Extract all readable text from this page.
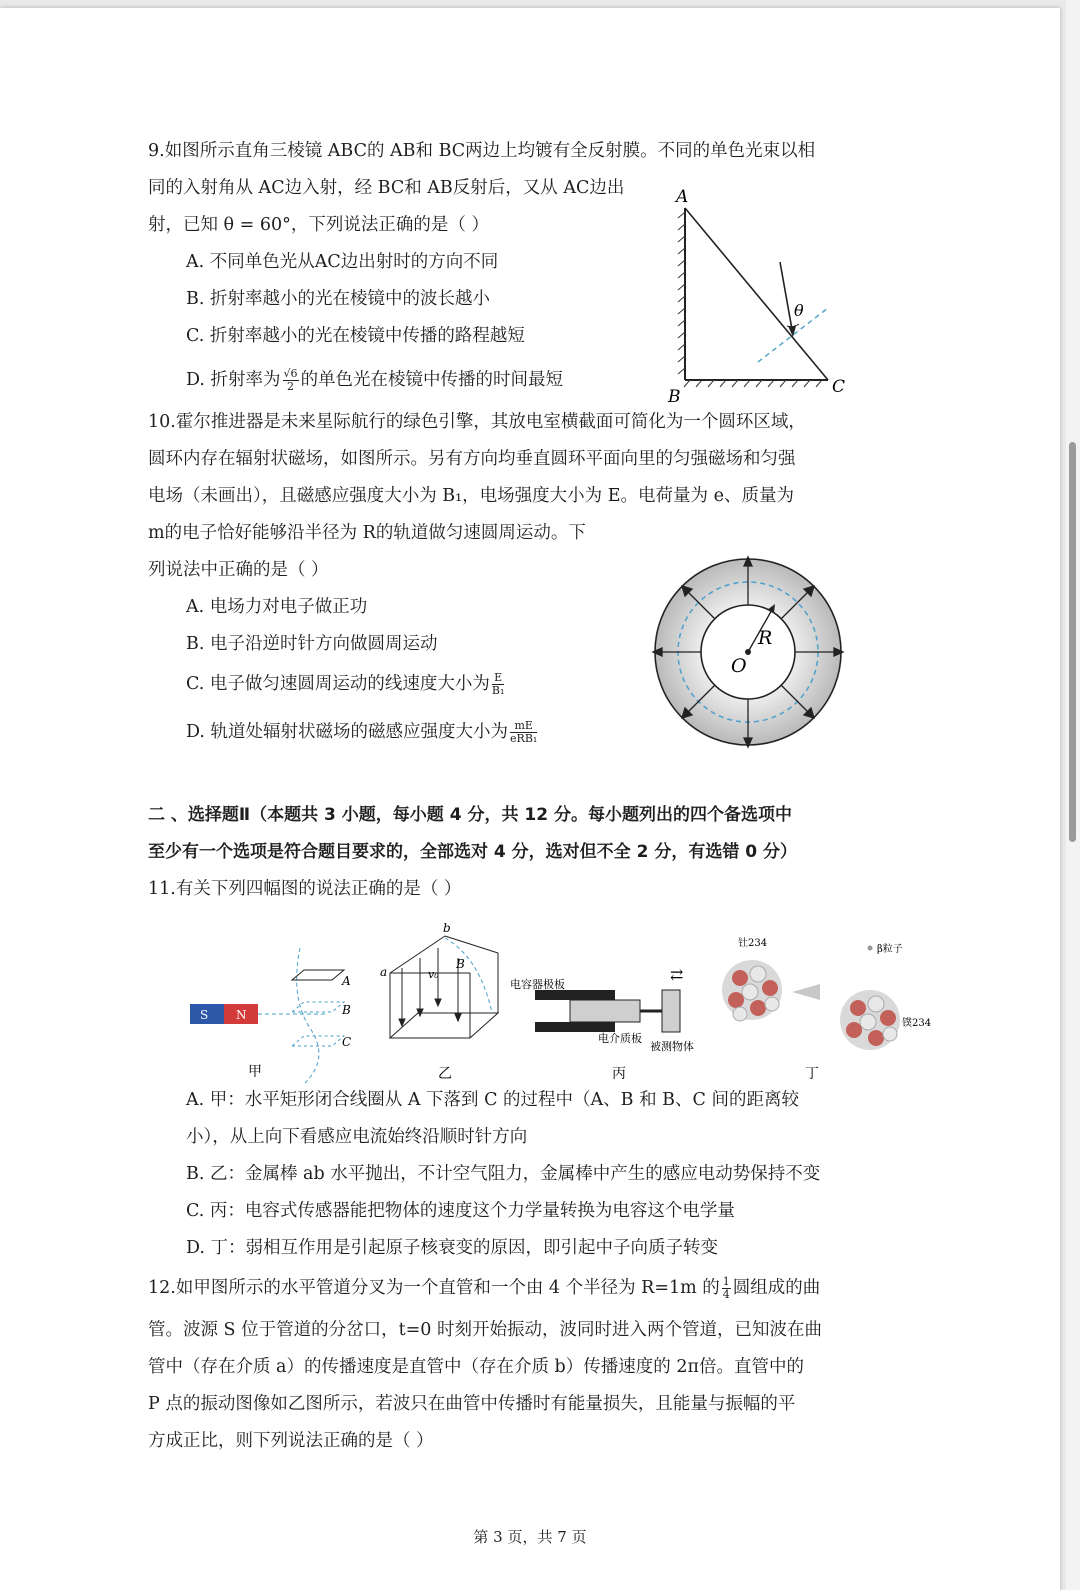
9.如图所示直角三棱镜 ABC的 AB和 BC两边上均镀有全反射膜。不同的单色光束以相
同的入射角从 AC边入射，经 BC和 AB反射后，又从 AC边出
射，已知 θ = 60°，下列说法正确的是（ ）
A. 不同单色光从AC边出射时的方向不同
B. 折射率越小的光在棱镜中的波长越小
C. 折射率越小的光在棱镜中传播的路程越短
D. 折射率为 $\frac{√6}{2}$ 的单色光在棱镜中传播的时间最短
A
B	C
θ
10.霍尔推进器是未来星际航行的绿色引擎，其放电室横截面可简化为一个圆环区域，
圆环内存在辐射状磁场，如图所示。另有方向均垂直圆环平面向里的匀强磁场和匀强
电场（未画出），且磁感应强度大小为 B₁，电场强度大小为 E。电荷量为 e、质量为
m的电子恰好能够沿半径为 R的轨道做匀速圆周运动。下
列说法中正确的是（ ）
A. 电场力对电子做正功
B. 电子沿逆时针方向做圆周运动
C. 电子做匀速圆周运动的线速度大小为 $\frac{E}{\text{B₁}}$
D. 轨道处辐射状磁场的磁感应强度大小为 $\frac{mE}{\text{eRB₁}}$
R
O
二 、选择题Ⅱ（本题共 3 小题，每小题 4 分，共 12 分。每小题列出的四个备选项中
至少有一个选项是符合题目要求的，全部选对 4 分，选对但不全 2 分，有选错 0 分）
11.有关下列四幅图的说法正确的是（ ）
S N
A
B
C
甲
a
b
v₀
B
乙
⇄
电容器极板
电介质板
被测物体
丙
钍234
β粒子
镤234
丁
A. 甲：水平矩形闭合线圈从 A 下落到 C 的过程中（A、B 和 B、C 间的距离较
小），从上向下看感应电流始终沿顺时针方向
B. 乙：金属棒 ab 水平抛出，不计空气阻力，金属棒中产生的感应电动势保持不变
C. 丙：电容式传感器能把物体的速度这个力学量转换为电容这个电学量
D. 丁：弱相互作用是引起原子核衰变的原因，即引起中子向质子转变
12.如甲图所示的水平管道分叉为一个直管和一个由 4 个半径为 R=1m 的 $\frac{1}{4}$ 圆组成的曲
管。波源 S 位于管道的分岔口，t=0 时刻开始振动，波同时进入两个管道，已知波在曲
管中（存在介质 a）的传播速度是直管中（存在介质 b）传播速度的 2π倍。直管中的
P 点的振动图像如乙图所示，若波只在曲管中传播时有能量损失，且能量与振幅的平
方成正比，则下列说法正确的是（ ）
第 3 页，共 7 页
